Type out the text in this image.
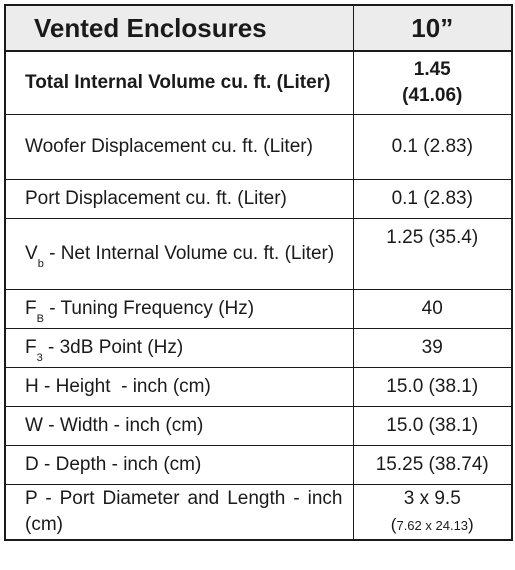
Vented Enclosures	10”
Total Internal Volume cu. ft. (Liter)	1.45
(41.06)

Woofer Displacement cu. ft. (Liter)	0.1 (2.83)
Port Displacement cu. ft. (Liter)	0.1 (2.83)
$V_b$ - Net Internal Volume cu. ft. (Liter)	1.25 (35.4)
$F_B$ - Tuning Frequency (Hz)	40
$F_3 - 3dB$ Point (Hz)	39
H - Height  - inch (cm)	15.0 (38.1)
W - Width - inch (cm)	15.0 (38.1)
D - Depth - inch (cm)	15.25 (38.74)
P - Port Diameter and Length - inch (cm)	3 x 9.5
(7.62 x 24.13)
